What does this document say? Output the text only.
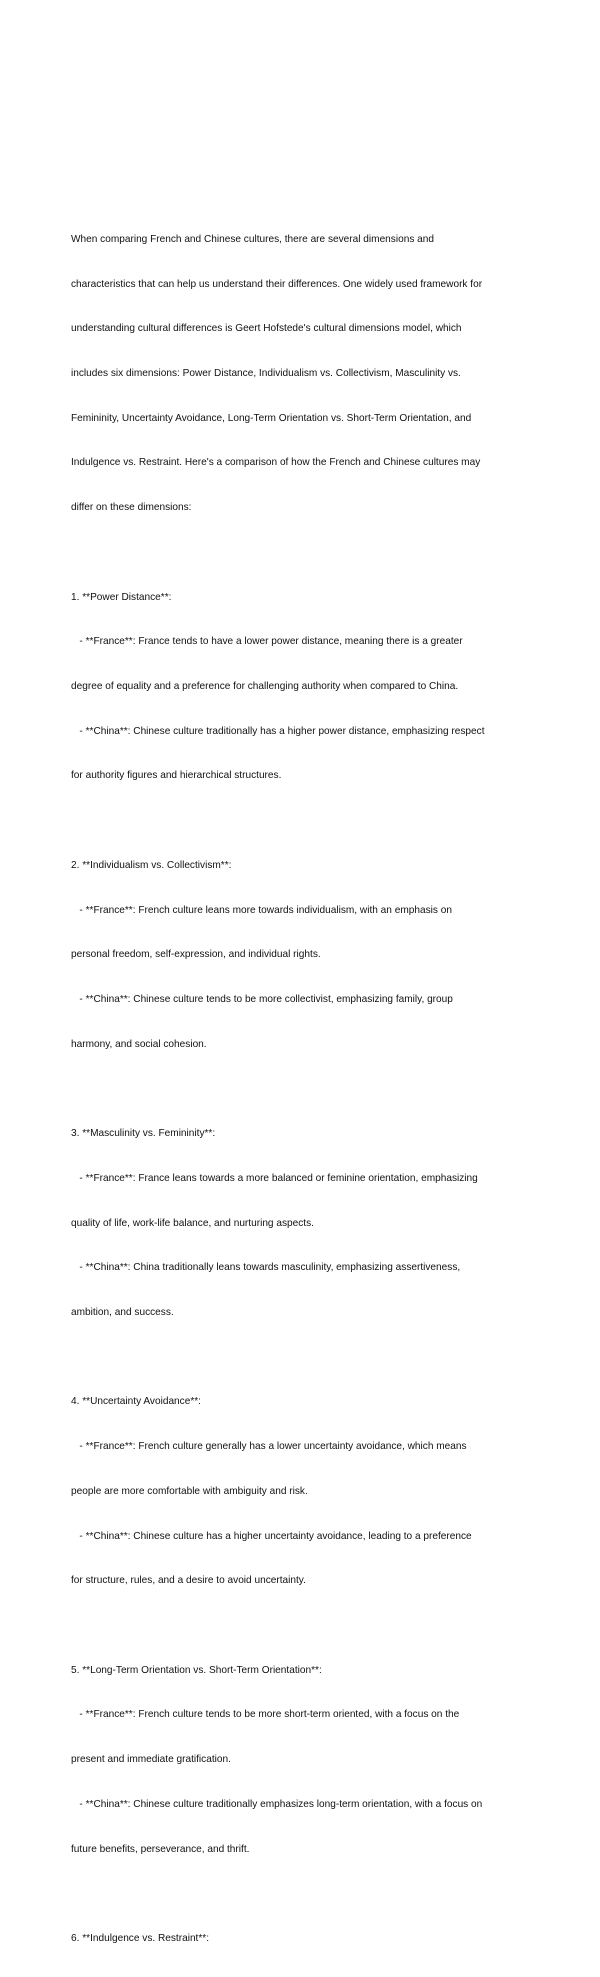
When comparing French and Chinese cultures, there are several dimensions and

characteristics that can help us understand their differences. One widely used framework for

understanding cultural differences is Geert Hofstede's cultural dimensions model, which

includes six dimensions: Power Distance, Individualism vs. Collectivism, Masculinity vs.

Femininity, Uncertainty Avoidance, Long-Term Orientation vs. Short-Term Orientation, and

Indulgence vs. Restraint. Here's a comparison of how the French and Chinese cultures may

differ on these dimensions:

1. **Power Distance**:

- **France**: France tends to have a lower power distance, meaning there is a greater

degree of equality and a preference for challenging authority when compared to China.

- **China**: Chinese culture traditionally has a higher power distance, emphasizing respect

for authority figures and hierarchical structures.

2. **Individualism vs. Collectivism**:

- **France**: French culture leans more towards individualism, with an emphasis on

personal freedom, self-expression, and individual rights.

- **China**: Chinese culture tends to be more collectivist, emphasizing family, group

harmony, and social cohesion.

3. **Masculinity vs. Femininity**:

- **France**: France leans towards a more balanced or feminine orientation, emphasizing

quality of life, work-life balance, and nurturing aspects.

- **China**: China traditionally leans towards masculinity, emphasizing assertiveness,

ambition, and success.

4. **Uncertainty Avoidance**:

- **France**: French culture generally has a lower uncertainty avoidance, which means

people are more comfortable with ambiguity and risk.

- **China**: Chinese culture has a higher uncertainty avoidance, leading to a preference

for structure, rules, and a desire to avoid uncertainty.

5. **Long-Term Orientation vs. Short-Term Orientation**:

- **France**: French culture tends to be more short-term oriented, with a focus on the

present and immediate gratification.

- **China**: Chinese culture traditionally emphasizes long-term orientation, with a focus on

future benefits, perseverance, and thrift.

6. **Indulgence vs. Restraint**:
